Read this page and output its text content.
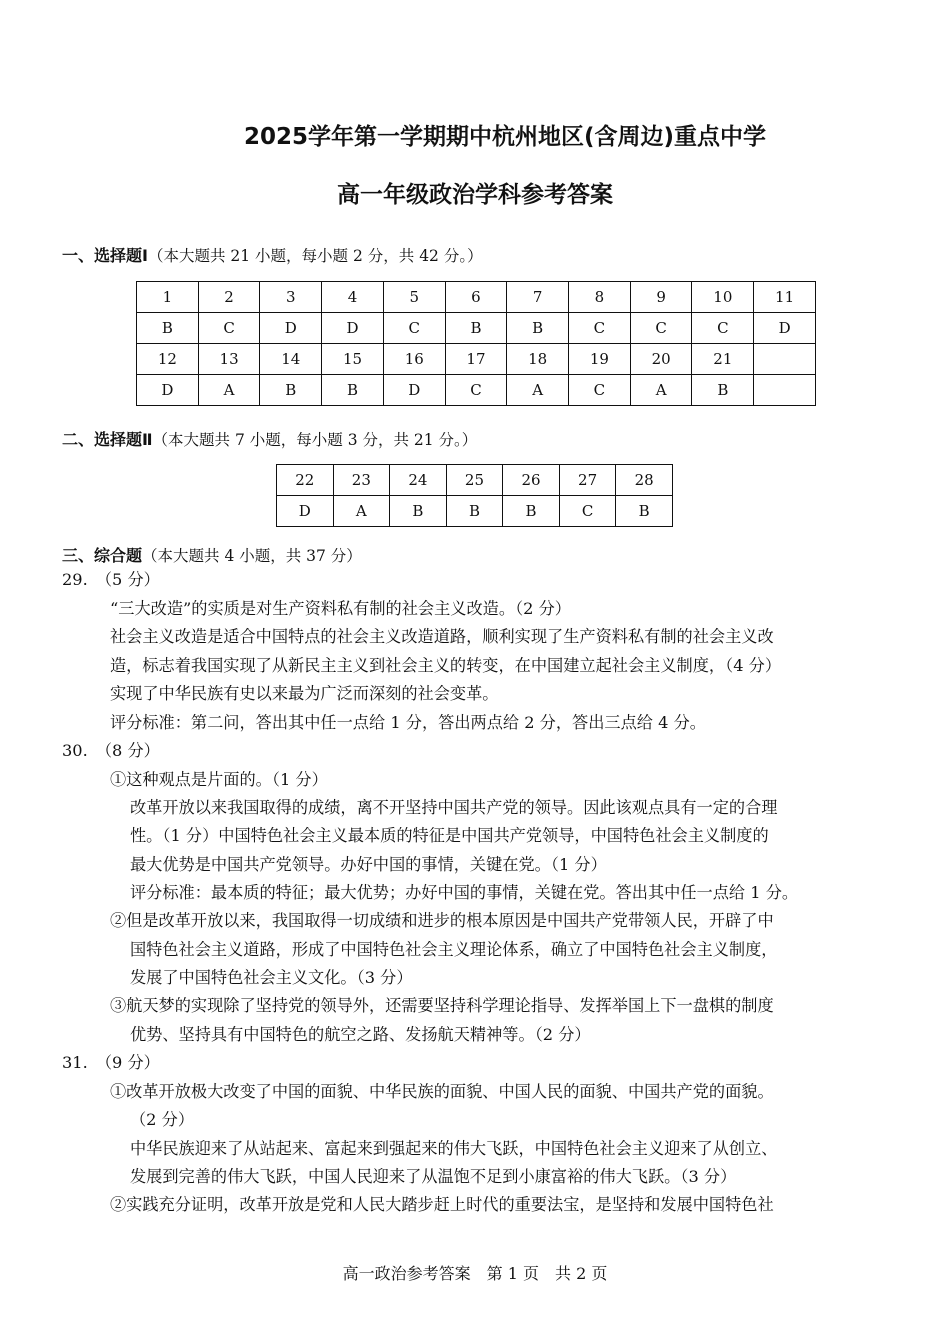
2025学年第一学期期中杭州地区(含周边)重点中学
高一年级政治学科参考答案
一、选择题Ⅰ（本大题共 21 小题，每小题 2 分，共 42 分。）
1	2	3	4	5	6	7	8	9	10	11
B	C	D	D	C	B	B	C	C	C	D
12	13	14	15	16	17	18	19	20	21	
D	A	B	B	D	C	A	C	A	B	
二、选择题Ⅱ（本大题共 7 小题，每小题 3 分，共 21 分。）
22	23	24	25	26	27	28
D	A	B	B	B	C	B
三、综合题（本大题共 4 小题，共 37 分）
29.　（5 分）
“三大改造”的实质是对生产资料私有制的社会主义改造。（2 分）
社会主义改造是适合中国特点的社会主义改造道路，顺利实现了生产资料私有制的社会主义改
造，标志着我国实现了从新民主主义到社会主义的转变，在中国建立起社会主义制度，（4 分）
实现了中华民族有史以来最为广泛而深刻的社会变革。
评分标准：第二问，答出其中任一点给 1 分，答出两点给 2 分，答出三点给 4 分。
30.　（8 分）
①这种观点是片面的。（1 分）
改革开放以来我国取得的成绩，离不开坚持中国共产党的领导。因此该观点具有一定的合理
性。（1 分）中国特色社会主义最本质的特征是中国共产党领导，中国特色社会主义制度的
最大优势是中国共产党领导。办好中国的事情，关键在党。（1 分）
评分标准：最本质的特征；最大优势；办好中国的事情，关键在党。答出其中任一点给 1 分。
②但是改革开放以来，我国取得一切成绩和进步的根本原因是中国共产党带领人民，开辟了中
国特色社会主义道路，形成了中国特色社会主义理论体系，确立了中国特色社会主义制度，
发展了中国特色社会主义文化。（3 分）
③航天梦的实现除了坚持党的领导外，还需要坚持科学理论指导、发挥举国上下一盘棋的制度
优势、坚持具有中国特色的航空之路、发扬航天精神等。（2 分）
31.　（9 分）
①改革开放极大改变了中国的面貌、中华民族的面貌、中国人民的面貌、中国共产党的面貌。
（2 分）
中华民族迎来了从站起来、富起来到强起来的伟大飞跃，中国特色社会主义迎来了从创立、
发展到完善的伟大飞跃，中国人民迎来了从温饱不足到小康富裕的伟大飞跃。（3 分）
②实践充分证明，改革开放是党和人民大踏步赶上时代的重要法宝，是坚持和发展中国特色社
高一政治参考答案　第 1 页　共 2 页
